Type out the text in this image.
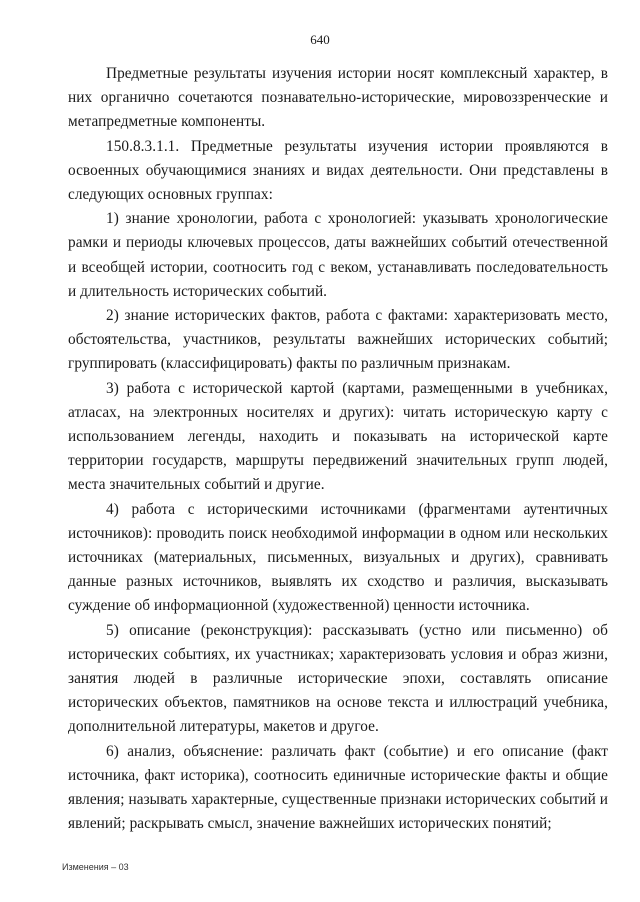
640

Предметные результаты изучения истории носят комплексный характер, в них органично сочетаются познавательно-исторические, мировоззренческие и метапредметные компоненты.

150.8.3.1.1. Предметные результаты изучения истории проявляются в освоенных обучающимися знаниях и видах деятельности. Они представлены в следующих основных группах:

1) знание хронологии, работа с хронологией: указывать хронологические рамки и периоды ключевых процессов, даты важнейших событий отечественной и всеобщей истории, соотносить год с веком, устанавливать последовательность и длительность исторических событий.

2) знание исторических фактов, работа с фактами: характеризовать место, обстоятельства, участников, результаты важнейших исторических событий; группировать (классифицировать) факты по различным признакам.

3) работа с исторической картой (картами, размещенными в учебниках, атласах, на электронных носителях и других): читать историческую карту с использованием легенды, находить и показывать на исторической карте территории государств, маршруты передвижений значительных групп людей, места значительных событий и другие.

4) работа с историческими источниками (фрагментами аутентичных источников): проводить поиск необходимой информации в одном или нескольких источниках (материальных, письменных, визуальных и других), сравнивать данные разных источников, выявлять их сходство и различия, высказывать суждение об информационной (художественной) ценности источника.

5) описание (реконструкция): рассказывать (устно или письменно) об исторических событиях, их участниках; характеризовать условия и образ жизни, занятия людей в различные исторические эпохи, составлять описание исторических объектов, памятников на основе текста и иллюстраций учебника, дополнительной литературы, макетов и другое.

6) анализ, объяснение: различать факт (событие) и его описание (факт источника, факт историка), соотносить единичные исторические факты и общие явления; называть характерные, существенные признаки исторических событий и явлений; раскрывать смысл, значение важнейших исторических понятий;

Изменения – 03
